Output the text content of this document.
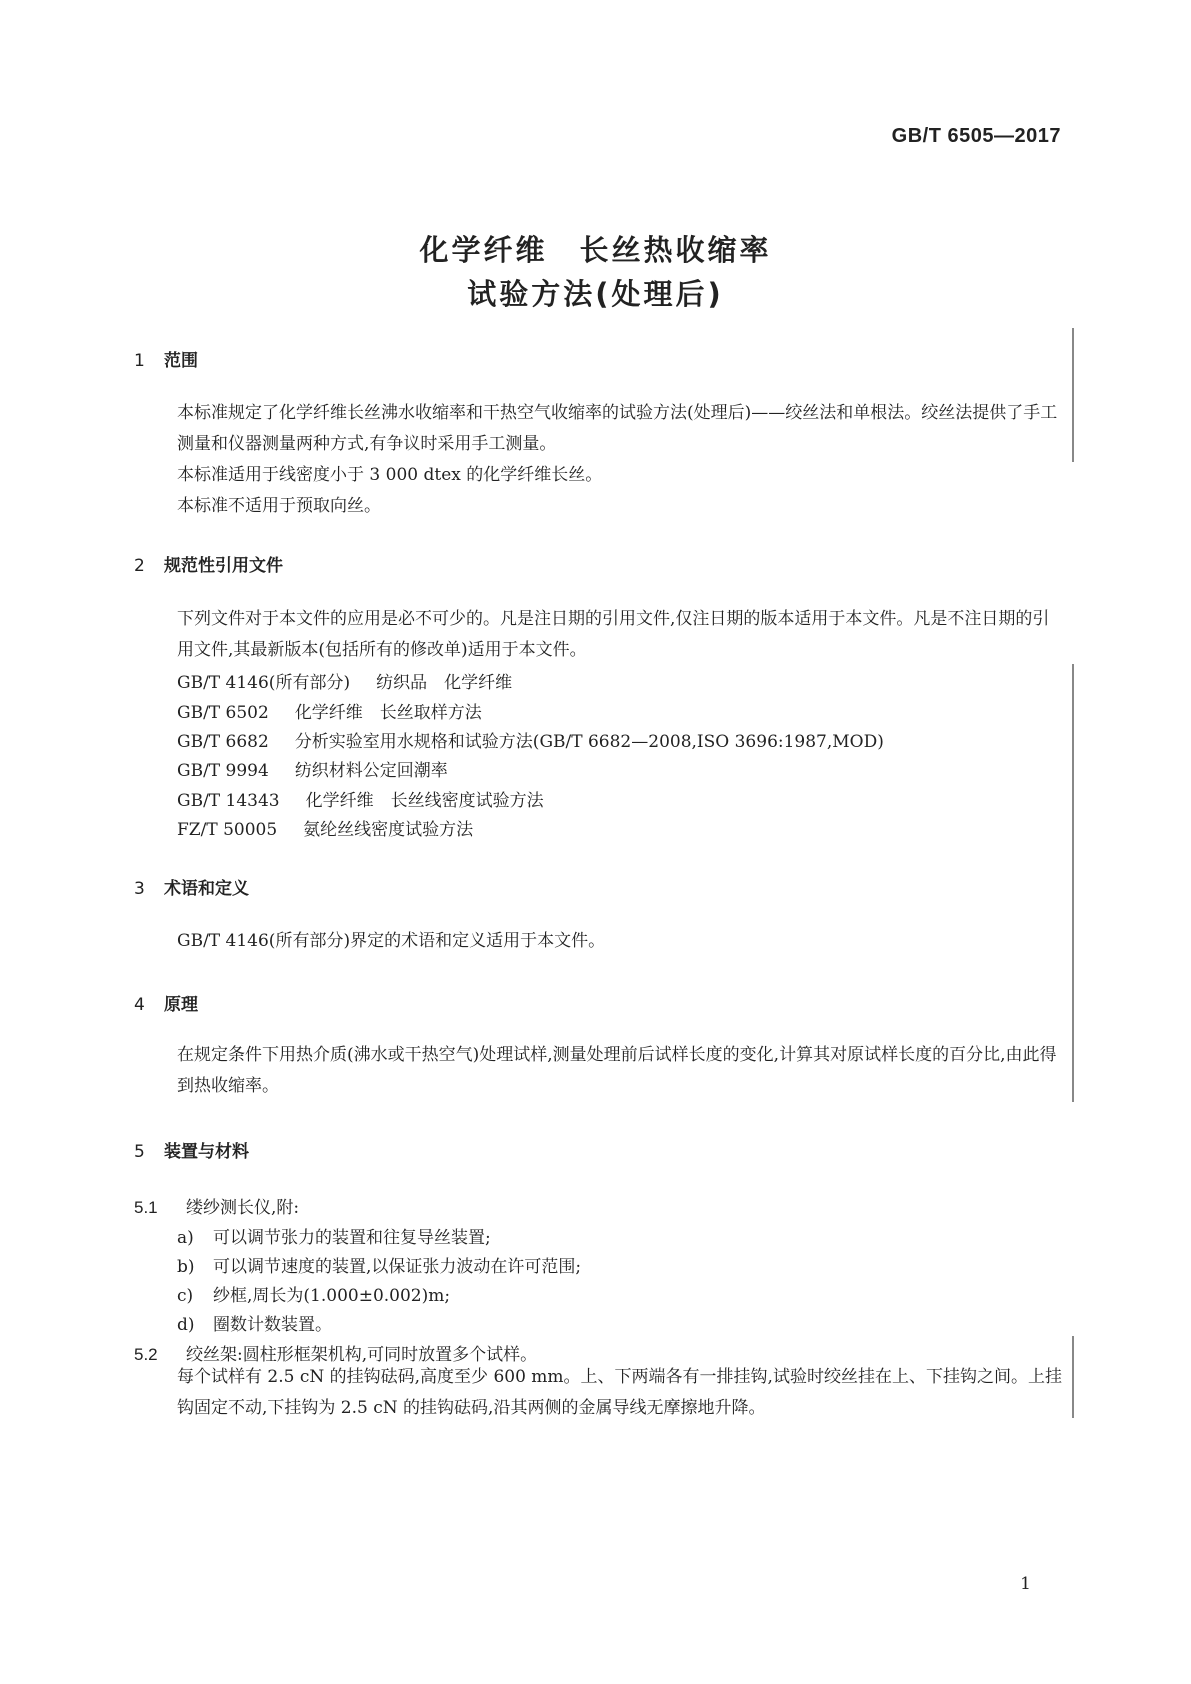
GB/T 6505—2017
化学纤维　长丝热收缩率
试验方法(处理后)
1 范围
本标准规定了化学纤维长丝沸水收缩率和干热空气收缩率的试验方法(处理后)——绞丝法和单根法。绞丝法提供了手工测量和仪器测量两种方式,有争议时采用手工测量。
本标准适用于线密度小于 3 000 dtex 的化学纤维长丝。
本标准不适用于预取向丝。
2 规范性引用文件
下列文件对于本文件的应用是必不可少的。凡是注日期的引用文件,仅注日期的版本适用于本文件。凡是不注日期的引用文件,其最新版本(包括所有的修改单)适用于本文件。
GB/T 4146(所有部分) 纺织品　化学纤维
GB/T 6502 化学纤维　长丝取样方法
GB/T 6682 分析实验室用水规格和试验方法(GB/T 6682—2008,ISO 3696:1987,MOD)
GB/T 9994 纺织材料公定回潮率
GB/T 14343 化学纤维　长丝线密度试验方法
FZ/T 50005 氨纶丝线密度试验方法
3 术语和定义
GB/T 4146(所有部分)界定的术语和定义适用于本文件。
4 原理
在规定条件下用热介质(沸水或干热空气)处理试样,测量处理前后试样长度的变化,计算其对原试样长度的百分比,由此得到热收缩率。
5 装置与材料
5.1 缕纱测长仪,附:
a) 可以调节张力的装置和往复导丝装置;
b) 可以调节速度的装置,以保证张力波动在许可范围;
c) 纱框,周长为(1.000±0.002)m;
d) 圈数计数装置。
5.2 绞丝架:圆柱形框架机构,可同时放置多个试样。
每个试样有 2.5 cN 的挂钩砝码,高度至少 600 mm。上、下两端各有一排挂钩,试验时绞丝挂在上、下挂钩之间。上挂钩固定不动,下挂钩为 2.5 cN 的挂钩砝码,沿其两侧的金属导线无摩擦地升降。
1
